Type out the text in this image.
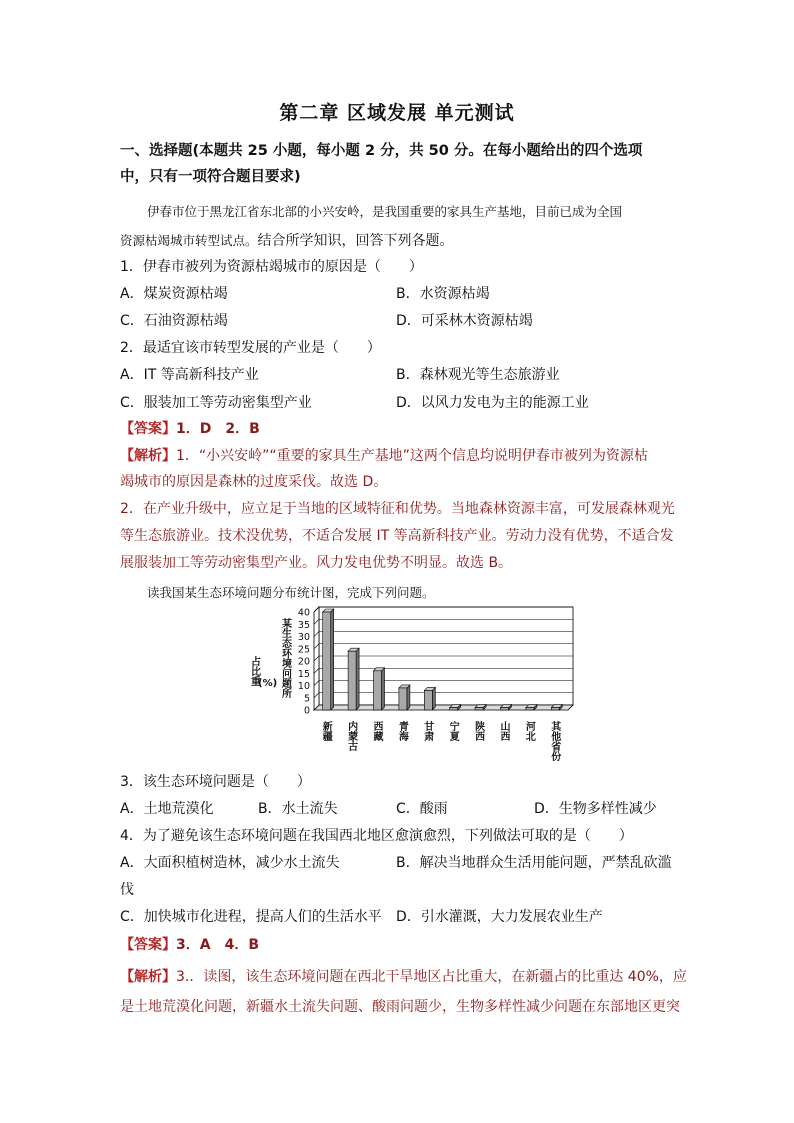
第二章 区域发展 单元测试
一、选择题(本题共 25 小题，每小题 2 分，共 50 分。在每小题给出的四个选项
中，只有一项符合题目要求)
伊春市位于黑龙江省东北部的小兴安岭，是我国重要的家具生产基地，目前已成为全国
资源枯竭城市转型试点。结合所学知识，回答下列各题。
1．伊春市被列为资源枯竭城市的原因是（　　）
A．煤炭资源枯竭	B．水资源枯竭
C．石油资源枯竭	D．可采林木资源枯竭
2．最适宜该市转型发展的产业是（　　）
A．IT 等高新科技产业	B．森林观光等生态旅游业
C．服装加工等劳动密集型产业	D．以风力发电为主的能源工业
【答案】1．D　2．B
【解析】1．“小兴安岭”“重要的家具生产基地”这两个信息均说明伊春市被列为资源枯
竭城市的原因是森林的过度采伐。故选 D。
2．在产业升级中，应立足于当地的区域特征和优势。当地森林资源丰富，可发展森林观光
等生态旅游业。技术没优势，不适合发展 IT 等高新科技产业。劳动力没有优势，不适合发
展服装加工等劳动密集型产业。风力发电优势不明显。故选 B。
读我国某生态环境问题分布统计图，完成下列问题。
某生态环境问题所
占比重
(%)
0
5
10
15
20
25
30
35
40
新疆 内蒙古 西藏 青海 甘肃 宁夏 陕西 山西 河北 其他省份
3．该生态环境问题是（　　）
A．土地荒漠化	B．水土流失	C．酸雨	D．生物多样性减少
4．为了避免该生态环境问题在我国西北地区愈演愈烈，下列做法可取的是（　　）
A．大面积植树造林，减少水土流失	B．解决当地群众生活用能问题，严禁乱砍滥
伐
C．加快城市化进程，提高人们的生活水平 D．引水灌溉，大力发展农业生产
【答案】3．A　4．B
【解析】3.．读图，该生态环境问题在西北干旱地区占比重大，在新疆占的比重达 40%，应
是土地荒漠化问题，新疆水土流失问题、酸雨问题少，生物多样性减少问题在东部地区更突
